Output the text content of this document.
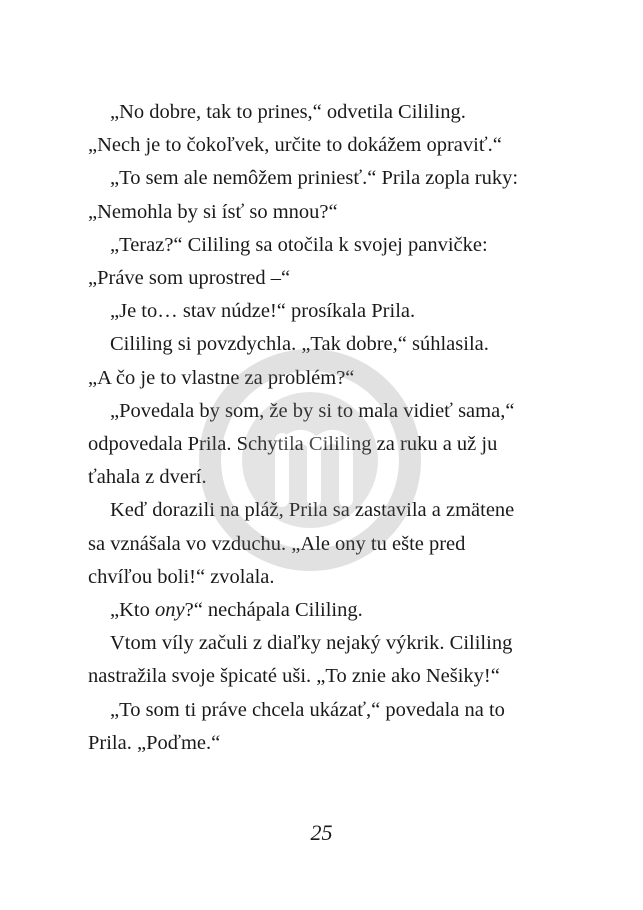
„No dobre, tak to prines,“ odvetila Cililing.
„Nech je to čokoľvek, určite to dokážem opraviť.“
„To sem ale nemôžem priniesť.“ Prila zopla ruky:
„Nemohla by si ísť so mnou?“
„Teraz?“ Cililing sa otočila k svojej panvičke:
„Práve som uprostred –“
„Je to… stav núdze!“ prosíkala Prila.
Cililing si povzdychla. „Tak dobre,“ súhlasila.
„A čo je to vlastne za problém?“
„Povedala by som, že by si to mala vidieť sama,“
odpovedala Prila. Schytila Cililing za ruku a už ju
ťahala z dverí.
Keď dorazili na pláž, Prila sa zastavila a zmätene
sa vznášala vo vzduchu. „Ale ony tu ešte pred
chvíľou boli!“ zvolala.
„Kto ony?“ nechápala Cililing.
Vtom víly začuli z diaľky nejaký výkrik. Cililing
nastražila svoje špicaté uši. „To znie ako Nešiky!“
„To som ti práve chcela ukázať,“ povedala na to
Prila. „Poďme.“
25
